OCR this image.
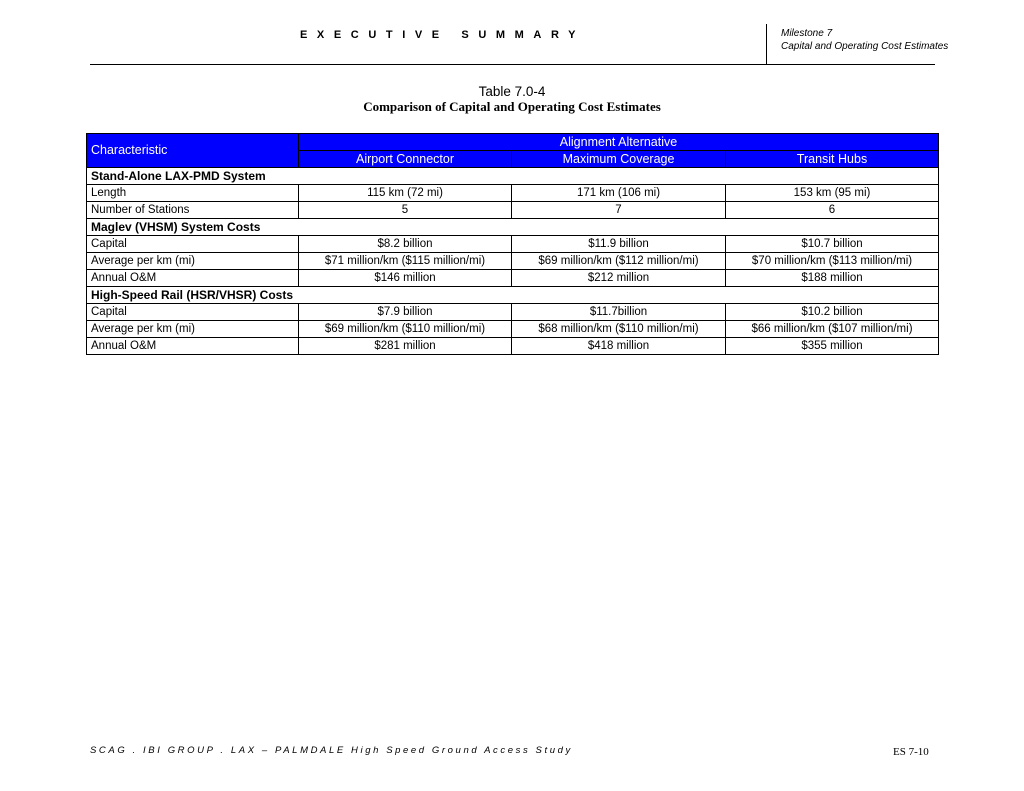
EXECUTIVE SUMMARY	Milestone 7
Capital and Operating Cost Estimates
Table 7.0-4
Comparison of Capital and Operating Cost Estimates
Characteristic	Alignment Alternative		
	Airport Connector	Maximum Coverage	Transit Hubs
Stand-Alone LAX-PMD System			
Length	115 km (72 mi)	171 km (106 mi)	153 km (95 mi)
Number of Stations	5	7	6
Maglev (VHSM) System Costs			
Capital	$8.2 billion	$11.9 billion	$10.7 billion
Average per km (mi)	$71 million/km ($115 million/mi)	$69 million/km ($112 million/mi)	$70 million/km ($113 million/mi)
Annual O&M	$146 million	$212 million	$188 million
High-Speed Rail (HSR/VHSR) Costs			
Capital	$7.9 billion	$11.7billion	$10.2 billion
Average per km (mi)	$69 million/km ($110 million/mi)	$68 million/km ($110 million/mi)	$66 million/km ($107 million/mi)
Annual O&M	$281 million	$418 million	$355 million
SCAG . IBI GROUP . LAX – PALMDALE High Speed Ground Access Study	ES 7-10
